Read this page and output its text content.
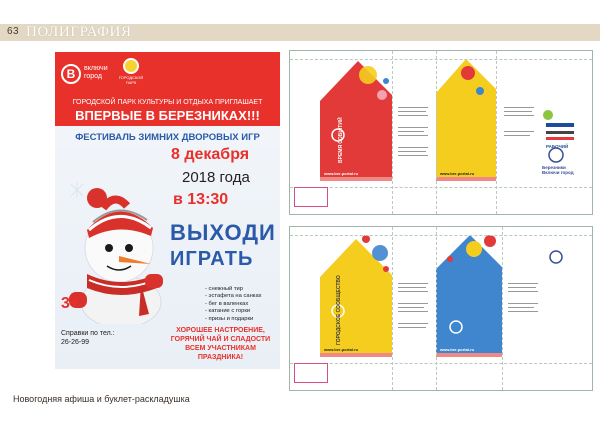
63 ПОЛИГРАФИЯ
В	включи город	ГОРОДСКОЙ ПАРК
ГОРОДСКОЙ ПАРК КУЛЬТУРЫ И ОТДЫХА ПРИГЛАШАЕТ
ВПЕРВЫЕ В БЕРЕЗНИКАХ!!!
ФЕСТИВАЛЬ ЗИМНИХ ДВОРОВЫХ ИГР
8 декабря
2018 года
в 13:30
ВЫХОДИ
ИГРАТЬ
- снежный тир
- эстафета на санках
- бег в валенках
- катание с горки
- призы и подарки
3+
ХОРОШЕЕ НАСТРОЕНИЕ,
ГОРЯЧИЙ ЧАЙ И СЛАДОСТИ
ВСЕМ УЧАСТНИКАМ ПРАЗДНИКА!
Справки по тел.:
26-26-99
ВРЕМЯ СОБЫТИЙ
www.ber-portal.ru	www.ber-portal.ru
Березники Включи город
РАБОЧИЙ
ГОРОДСКОЕ СООБЩЕСТВО
www.ber-portal.ru	www.ber-portal.ru
Новогодняя афиша и буклет-раскладушка
